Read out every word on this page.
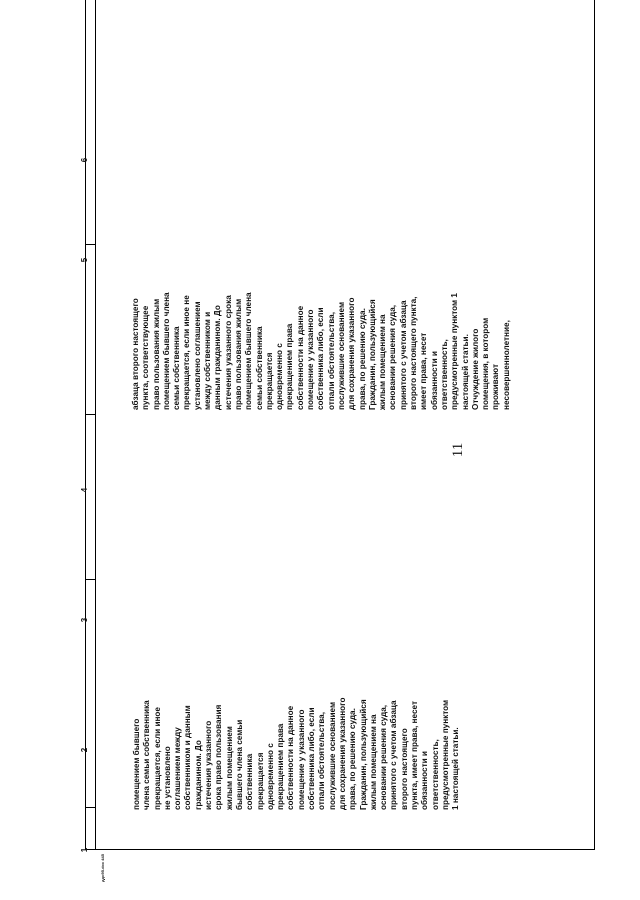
1
2
3
4
5
6
11
помещением бывшего члена семьи собственника прекращается, если иное не установлено соглашением между собственником и данным гражданином. До истечения указанного срока право пользования жилым помещением бывшего члена семьи собственника прекращается одновременно с прекращением права собственности на данное помещение у указанного собственника либо, если отпали обстоятельства, послужившие основанием для сохранения указанного права, по решению суда. Гражданин, пользующийся жилым помещением на основании решения суда, принятого с учетом абзаца второго настоящего пункта, имеет права, несет обязанности и ответственность, предусмотренные пунктом 1 настоящей статьи.
абзаца второго настоящего пункта, соответствующее право пользования жилым помещением бывшего члена семьи собственника прекращается, если иное не установлено соглашением между собственником и данным гражданином. До истечения указанного срока право пользования жилым помещением бывшего члена семьи собственника прекращается одновременно с прекращением права собственности на данное помещение у указанного собственника либо, если отпали обстоятельства, послужившие основанием для сохранения указанного права, по решению суда. Гражданин, пользующийся жилым помещением на основании решения суда, принятого с учетом абзаца второго настоящего пункта, имеет права, несет обязанности и ответственность, предусмотренные пунктом 1 настоящей статьи. Отчуждение жилого помещения, в котором проживают несовершеннолетние,
ддо95.doc 445
